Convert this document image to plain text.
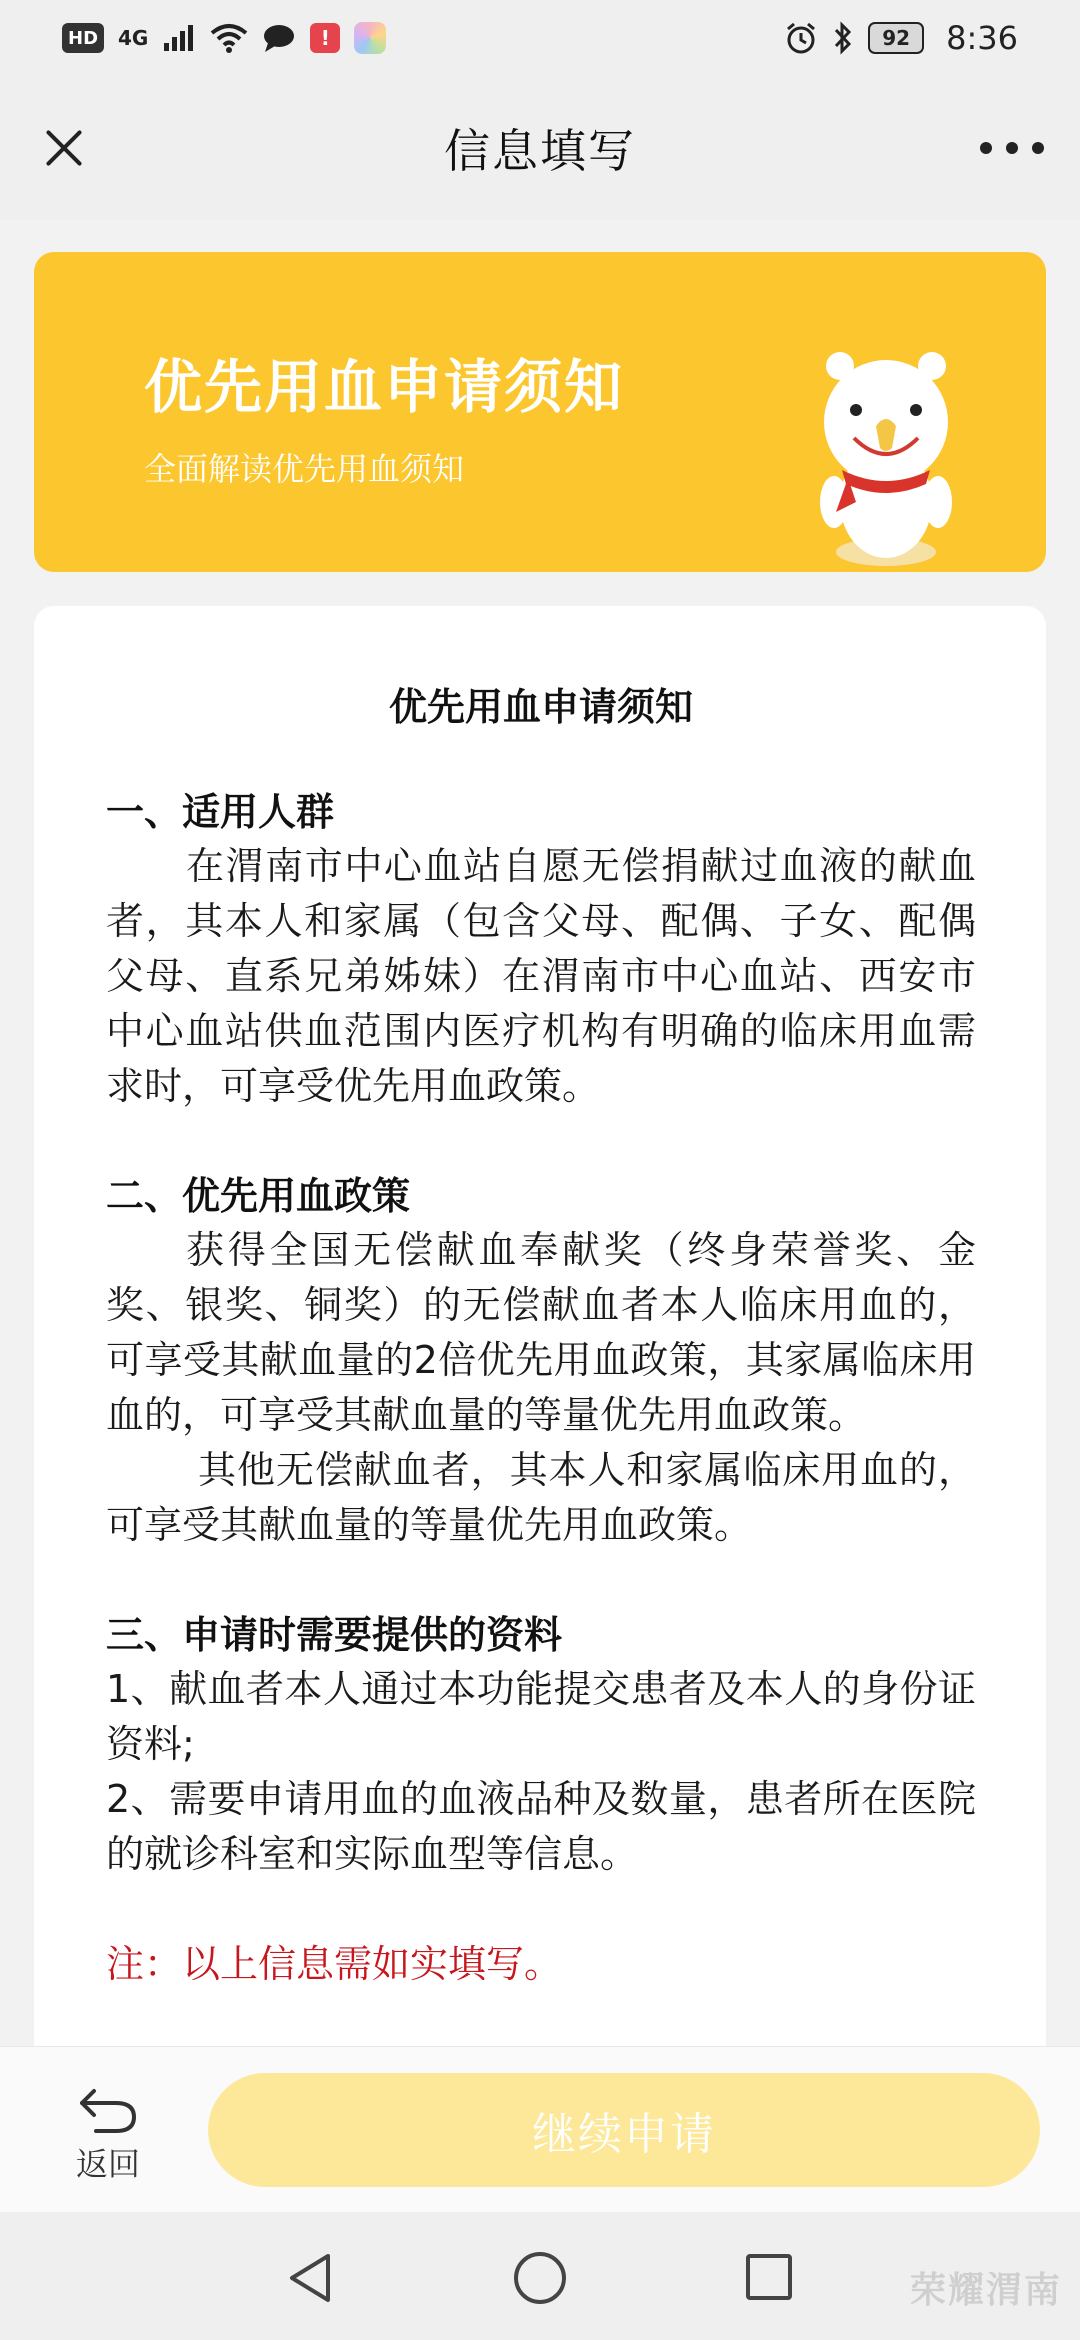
HD	4G	!	92	8:36
信息填写
优先用血申请须知
全面解读优先用血须知
优先用血申请须知
一、适用人群

在渭南市中心血站自愿无偿捐献过血液的献血者，其本人和家属（包含父母、配偶、子女、配偶父母、直系兄弟姊妹）在渭南市中心血站、西安市中心血站供血范围内医疗机构有明确的临床用血需求时，可享受优先用血政策。

二、优先用血政策

获得全国无偿献血奉献奖（终身荣誉奖、金奖、银奖、铜奖）的无偿献血者本人临床用血的，可享受其献血量的2倍优先用血政策，其家属临床用血的，可享受其献血量的等量优先用血政策。

其他无偿献血者，其本人和家属临床用血的，可享受其献血量的等量优先用血政策。

三、申请时需要提供的资料

1、献血者本人通过本功能提交患者及本人的身份证资料;

2、需要申请用血的血液品种及数量，患者所在医院的就诊科室和实际血型等信息。

注：以上信息需如实填写。

返回
继续申请
荣耀渭南
